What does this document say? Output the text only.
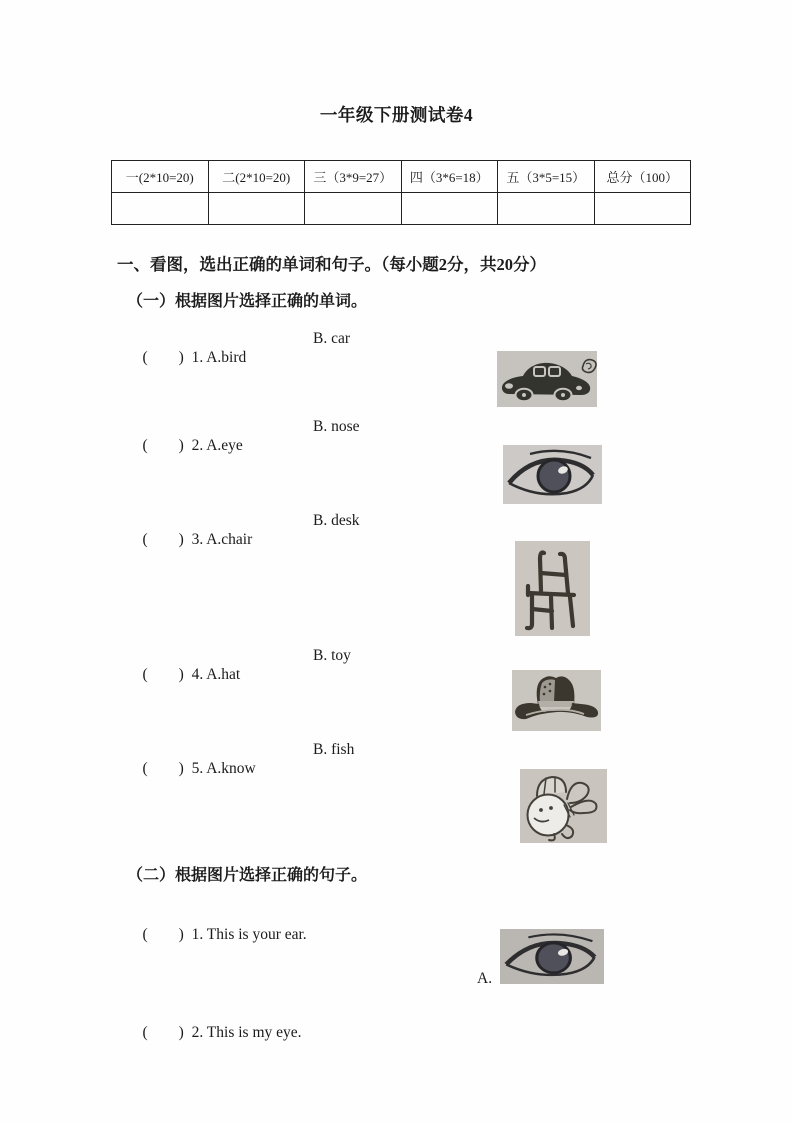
一年级下册测试卷4
一(2*10=20)	二(2*10=20)	三（3*9=27）	四（3*6=18）	五（3*5=15）	总分（100）

一、看图，选出正确的单词和句子。（每小题2分，共20分）
（一）根据图片选择正确的单词。

(  ) 1. A.bird

B. car

(  ) 2. A.eye

B. nose

(  ) 3. A.chair

B. desk

(  ) 4. A.hat

B. toy

(  ) 5. A.know

B. fish

（二）根据图片选择正确的句子。

(  ) 1. This is your ear.

A.

(  ) 2. This is my eye.
